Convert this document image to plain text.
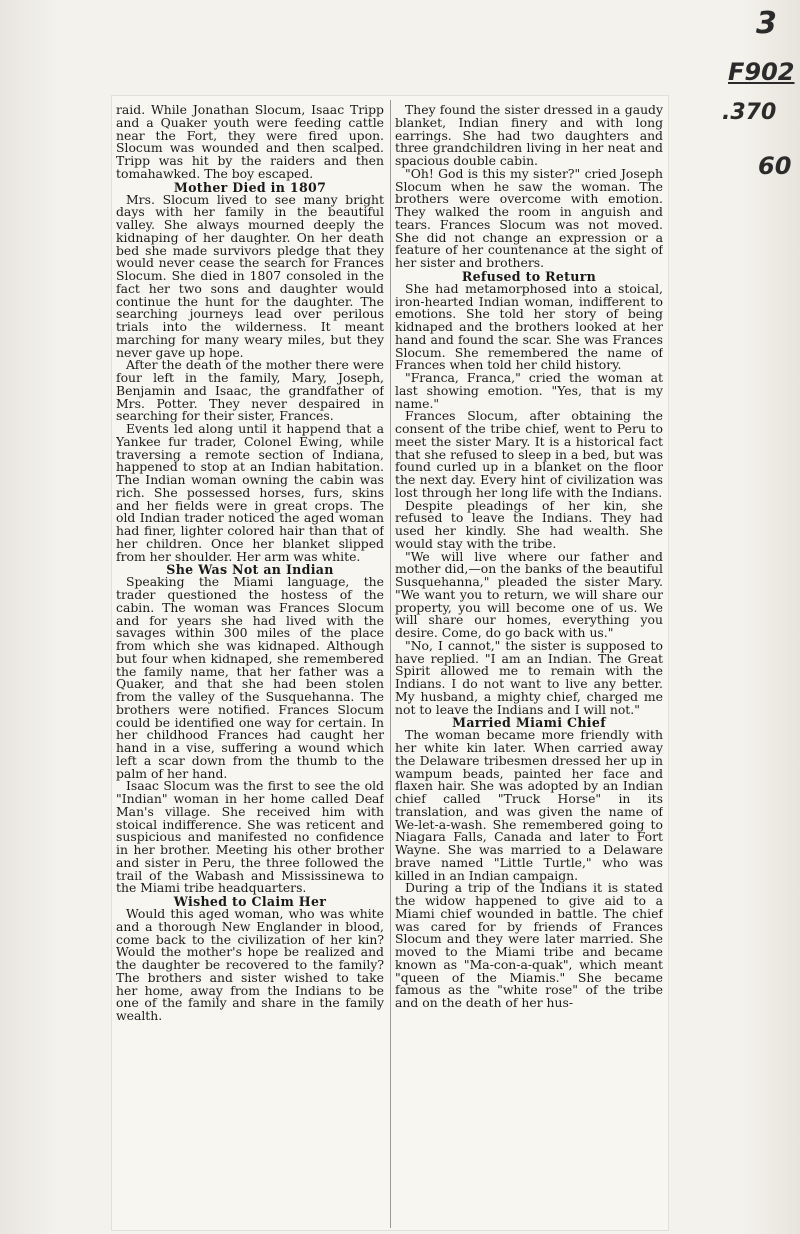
3
F902
.370
60

raid. While Jonathan Slocum, Isaac Tripp and a Quaker youth were feeding cattle near the Fort, they were fired upon. Slocum was wounded and then scalped. Tripp was hit by the raiders and then tomahawked. The boy escaped.

Mother Died in 1807

Mrs. Slocum lived to see many bright days with her family in the beautiful valley. She always mourned deeply the kidnaping of her daughter. On her death bed she made survivors pledge that they would never cease the search for Frances Slocum. She died in 1807 consoled in the fact her two sons and daughter would continue the hunt for the daughter. The searching journeys lead over perilous trials into the wilderness. It meant marching for many weary miles, but they never gave up hope.

After the death of the mother there were four left in the family, Mary, Joseph, Benjamin and Isaac, the grandfather of Mrs. Potter. They never despaired in searching for their sister, Frances.

Events led along until it happend that a Yankee fur trader, Colonel Ewing, while traversing a remote section of Indiana, happened to stop at an Indian habitation. The Indian woman owning the cabin was rich. She possessed horses, furs, skins and her fields were in great crops. The old Indian trader noticed the aged woman had finer, lighter colored hair than that of her children. Once her blanket slipped from her shoulder. Her arm was white.

She Was Not an Indian

Speaking the Miami language, the trader questioned the hostess of the cabin. The woman was Frances Slocum and for years she had lived with the savages within 300 miles of the place from which she was kidnaped. Although but four when kidnaped, she remembered the family name, that her father was a Quaker, and that she had been stolen from the valley of the Susquehanna. The brothers were notified. Frances Slocum could be identified one way for certain. In her childhood Frances had caught her hand in a vise, suffering a wound which left a scar down from the thumb to the palm of her hand.

Isaac Slocum was the first to see the old "Indian" woman in her home called Deaf Man's village. She received him with stoical indifference. She was reticent and suspicious and manifested no confidence in her brother. Meeting his other brother and sister in Peru, the three followed the trail of the Wabash and Mississinewa to the Miami tribe headquarters.

Wished to Claim Her

Would this aged woman, who was white and a thorough New Englander in blood, come back to the civilization of her kin? Would the mother's hope be realized and the daughter be recovered to the family? The brothers and sister wished to take her home, away from the Indians to be one of the family and share in the family wealth.

They found the sister dressed in a gaudy blanket, Indian finery and with long earrings. She had two daughters and three grandchildren living in her neat and spacious double cabin.

"Oh! God is this my sister?" cried Joseph Slocum when he saw the woman. The brothers were overcome with emotion. They walked the room in anguish and tears. Frances Slocum was not moved. She did not change an expression or a feature of her countenance at the sight of her sister and brothers.

Refused to Return

She had metamorphosed into a stoical, iron-hearted Indian woman, indifferent to emotions. She told her story of being kidnaped and the brothers looked at her hand and found the scar. She was Frances Slocum. She remembered the name of Frances when told her child history.

"Franca, Franca," cried the woman at last showing emotion. "Yes, that is my name."

Frances Slocum, after obtaining the consent of the tribe chief, went to Peru to meet the sister Mary. It is a historical fact that she refused to sleep in a bed, but was found curled up in a blanket on the floor the next day. Every hint of civilization was lost through her long life with the Indians.

Despite pleadings of her kin, she refused to leave the Indians. They had used her kindly. She had wealth. She would stay with the tribe.

"We will live where our father and mother did,—on the banks of the beautiful Susquehanna," pleaded the sister Mary. "We want you to return, we will share our property, you will become one of us. We will share our homes, everything you desire. Come, do go back with us."

"No, I cannot," the sister is supposed to have replied. "I am an Indian. The Great Spirit allowed me to remain with the Indians. I do not want to live any better. My husband, a mighty chief, charged me not to leave the Indians and I will not."

Married Miami Chief

The woman became more friendly with her white kin later. When carried away the Delaware tribesmen dressed her up in wampum beads, painted her face and flaxen hair. She was adopted by an Indian chief called "Truck Horse" in its translation, and was given the name of We-let-a-wash. She remembered going to Niagara Falls, Canada and later to Fort Wayne. She was married to a Delaware brave named "Little Turtle," who was killed in an Indian campaign.

During a trip of the Indians it is stated the widow happened to give aid to a Miami chief wounded in battle. The chief was cared for by friends of Frances Slocum and they were later married. She moved to the Miami tribe and became known as "Ma-con-a-quak", which meant "queen of the Miamis." She became famous as the "white rose" of the tribe and on the death of her hus-
